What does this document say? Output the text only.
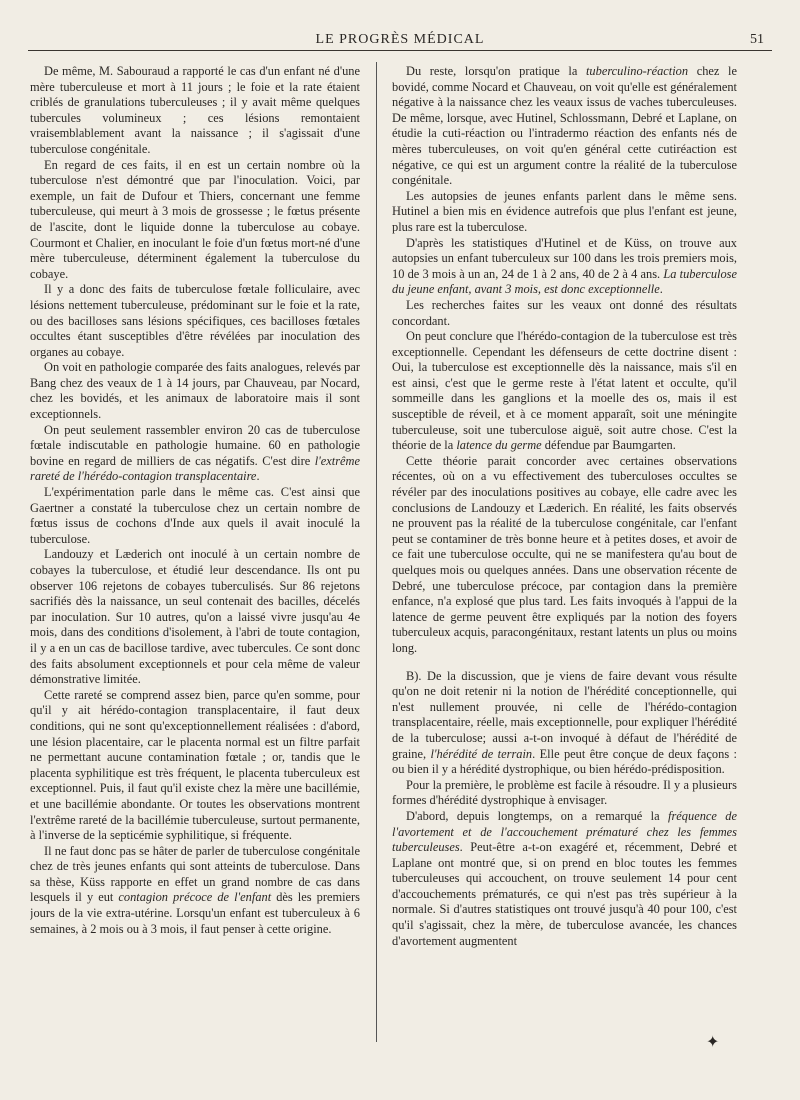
LE PROGRÈS MÉDICAL	51

De même, M. Sabouraud a rapporté le cas d'un enfant né d'une mère tuberculeuse et mort à 11 jours ; le foie et la rate étaient criblés de granulations tuberculeuses ; il y avait même quelques tubercules volumineux ; ces lésions remontaient vraisemblablement avant la naissance ; il s'agissait d'une tuberculose congénitale.

En regard de ces faits, il en est un certain nombre où la tuberculose n'est démontré que par l'inoculation. Voici, par exemple, un fait de Dufour et Thiers, concernant une femme tuberculeuse, qui meurt à 3 mois de grossesse ; le fœtus présente de l'ascite, dont le liquide donne la tuberculose au cobaye. Courmont et Chalier, en inoculant le foie d'un fœtus mort-né d'une mère tuberculeuse, déterminent également la tuberculose du cobaye.

Il y a donc des faits de tuberculose fœtale folliculaire, avec lésions nettement tuberculeuse, prédominant sur le foie et la rate, ou des bacilloses sans lésions spécifiques, ces bacilloses fœtales occultes étant susceptibles d'être révélées par inoculation des organes au cobaye.

On voit en pathologie comparée des faits analogues, relevés par Bang chez des veaux de 1 à 14 jours, par Chauveau, par Nocard, chez les bovidés, et les animaux de laboratoire mais il sont exceptionnels.

On peut seulement rassembler environ 20 cas de tuberculose fœtale indiscutable en pathologie humaine. 60 en pathologie bovine en regard de milliers de cas négatifs. C'est dire l'extrême rareté de l'hérédo-contagion transplacentaire.

L'expérimentation parle dans le même cas. C'est ainsi que Gaertner a constaté la tuberculose chez un certain nombre de fœtus issus de cochons d'Inde aux quels il avait inoculé la tuberculose.

Landouzy et Læderich ont inoculé à un certain nombre de cobayes la tuberculose, et étudié leur descendance. Ils ont pu observer 106 rejetons de cobayes tuberculisés. Sur 86 rejetons sacrifiés dès la naissance, un seul contenait des bacilles, décelés par inoculation. Sur 10 autres, qu'on a laissé vivre jusqu'au 4e mois, dans des conditions d'isolement, à l'abri de toute contagion, il y a en un cas de bacillose tardive, avec tubercules. Ce sont donc des faits absolument exceptionnels et pour cela même de valeur démonstrative limitée.

Cette rareté se comprend assez bien, parce qu'en somme, pour qu'il y ait hérédo-contagion transplacentaire, il faut deux conditions, qui ne sont qu'exceptionnellement réalisées : d'abord, une lésion placentaire, car le placenta normal est un filtre parfait ne permettant aucune contamination fœtale ; or, tandis que le placenta syphilitique est très fréquent, le placenta tuberculeux est exceptionnel. Puis, il faut qu'il existe chez la mère une bacillémie, et une bacillémie abondante. Or toutes les observations montrent l'extrême rareté de la bacillémie tuberculeuse, surtout permanente, à l'inverse de la septicémie syphilitique, si fréquente.

Il ne faut donc pas se hâter de parler de tuberculose congénitale chez de très jeunes enfants qui sont atteints de tuberculose. Dans sa thèse, Küss rapporte en effet un grand nombre de cas dans lesquels il y eut contagion précoce de l'enfant dès les premiers jours de la vie extra-utérine. Lorsqu'un enfant est tuberculeux à 6 semaines, à 2 mois ou à 3 mois, il faut penser à cette origine.

Du reste, lorsqu'on pratique la tuberculino-réaction chez le bovidé, comme Nocard et Chauveau, on voit qu'elle est généralement négative à la naissance chez les veaux issus de vaches tuberculeuses. De même, lorsque, avec Hutinel, Schlossmann, Debré et Laplane, on étudie la cuti-réaction ou l'intradermo réaction des enfants nés de mères tuberculeuses, on voit qu'en général cette cutiréaction est négative, ce qui est un argument contre la réalité de la tuberculose congénitale.

Les autopsies de jeunes enfants parlent dans le même sens. Hutinel a bien mis en évidence autrefois que plus l'enfant est jeune, plus rare est la tuberculose.

D'après les statistiques d'Hutinel et de Küss, on trouve aux autopsies un enfant tuberculeux sur 100 dans les trois premiers mois, 10 de 3 mois à un an, 24 de 1 à 2 ans, 40 de 2 à 4 ans. La tuberculose du jeune enfant, avant 3 mois, est donc exceptionnelle.

Les recherches faites sur les veaux ont donné des résultats concordant.

On peut conclure que l'hérédo-contagion de la tuberculose est très exceptionnelle. Cependant les défenseurs de cette doctrine disent : Oui, la tuberculose est exceptionnelle dès la naissance, mais s'il en est ainsi, c'est que le germe reste à l'état latent et occulte, qu'il sommeille dans les ganglions et la moelle des os, mais il est susceptible de réveil, et à ce moment apparaît, soit une méningite tuberculeuse, soit une tuberculose aiguë, soit autre chose. C'est la théorie de la latence du germe défendue par Baumgarten.

Cette théorie parait concorder avec certaines observations récentes, où on a vu effectivement des tuberculoses occultes se révéler par des inoculations positives au cobaye, elle cadre avec les conclusions de Landouzy et Læderich. En réalité, les faits observés ne prouvent pas la réalité de la tuberculose congénitale, car l'enfant peut se contaminer de très bonne heure et à petites doses, et avoir de ce fait une tuberculose occulte, qui ne se manifestera qu'au bout de quelques mois ou quelques années. Dans une observation récente de Debré, une tuberculose précoce, par contagion dans la première enfance, n'a explosé que plus tard. Les faits invoqués à l'appui de la latence de germe peuvent être expliqués par la notion des foyers tuberculeux acquis, paracongénitaux, restant latents un plus ou moins long.

B). De la discussion, que je viens de faire devant vous résulte qu'on ne doit retenir ni la notion de l'hérédité conceptionnelle, qui n'est nullement prouvée, ni celle de l'hérédo-contagion transplacentaire, réelle, mais exceptionnelle, pour expliquer l'hérédité de la tuberculose; aussi a-t-on invoqué à défaut de l'hérédité de graine, l'hérédité de terrain. Elle peut être conçue de deux façons : ou bien il y a hérédité dystrophique, ou bien hérédo-prédisposition.

Pour la première, le problème est facile à résoudre. Il y a plusieurs formes d'hérédité dystrophique à envisager.

D'abord, depuis longtemps, on a remarqué la fréquence de l'avortement et de l'accouchement prématuré chez les femmes tuberculeuses. Peut-être a-t-on exagéré et, récemment, Debré et Laplane ont montré que, si on prend en bloc toutes les femmes tuberculeuses qui accouchent, on trouve seulement 14 pour cent d'accouchements prématurés, ce qui n'est pas très supérieur à la normale. Si d'autres statistiques ont trouvé jusqu'à 40 pour 100, c'est qu'il s'agissait, chez la mère, de tuberculose avancée, les chances d'avortement augmentent

✦
